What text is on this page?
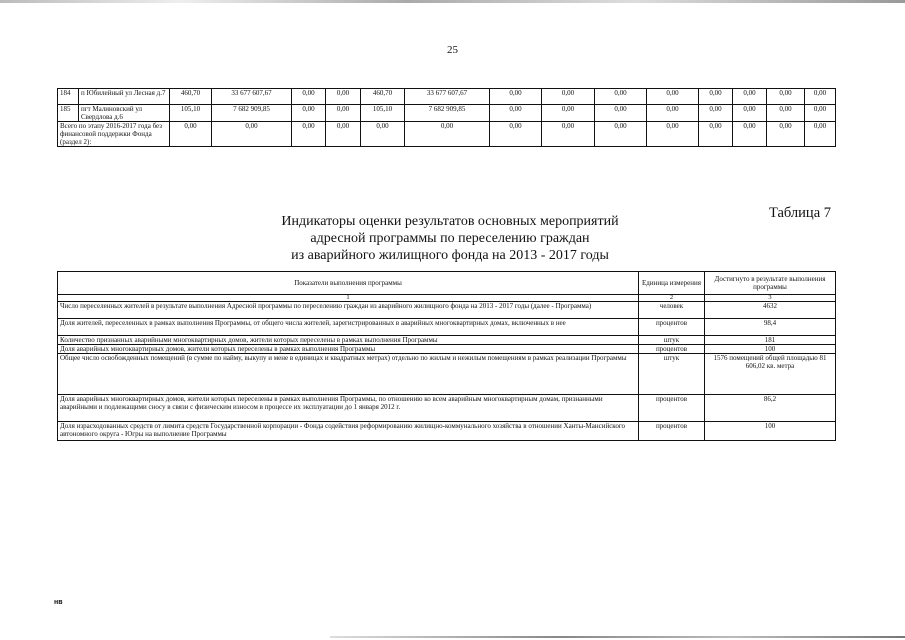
25
184	п Юбилейный ул Лесная д.7	460,70	33 677 607,67	0,00	0,00	460,70	33 677 607,67	0,00	0,00	0,00	0,00	0,00	0,00	0,00	0,00
185	пгт Малиновский ул Свердлова д.6	105,10	7 682 909,85	0,00	0,00	105,10	7 682 909,85	0,00	0,00	0,00	0,00	0,00	0,00	0,00	0,00
Всего по этапу 2016-2017 года без финансовой поддержки Фонда (раздел 2):		0,00	0,00	0,00	0,00	0,00	0,00	0,00	0,00	0,00	0,00	0,00	0,00	0,00	0,00
Таблица 7
Индикаторы оценки результатов основных мероприятий
адресной программы по переселению граждан
из аварийного жилищного фонда на 2013 - 2017 годы
Показатели выполнения программы	Единица измерения	Достигнуто в результате выполнения программы
1	2	3
Число переселенных жителей в результате выполнения Адресной программы по переселению граждан из аварийного жилищного фонда на 2013 - 2017 годы (далее - Программа)	человек	4632
Доля жителей, переселенных в рамках выполнения Программы, от общего числа жителей, зарегистрированных в аварийных многоквартирных домах, включенных в нее	процентов	98,4
Количество признанных аварийными многоквартирных домов, жители которых переселены в рамках выполнения Программы	штук	181
Доля аварийных многоквартирных домов, жители которых переселены в рамках выполнения Программы	процентов	100
Общее число освобожденных помещений (в сумме по найму, выкупу и мене в единицах и квадратных метрах) отдельно по жилым и нежилым помещениям в рамках реализации Программы	штук	1576 помещений общей площадью 81 606,02 кв. метра
Доля аварийных многоквартирных домов, жители которых переселены в рамках выполнения Программы, по отношению ко всем аварийным многоквартирным домам, признанными аварийными и подлежащими сносу в связи с физическим износом в процессе их эксплуатации до 1 января 2012 г.	процентов	86,2
Доля израсходованных средств от лимита средств Государственной корпорации - Фонда содействия реформированию жилищно-коммунального хозяйства в отношении Ханты-Мансийского автономного округа - Югры на выполнение Программы	процентов	100
нв
